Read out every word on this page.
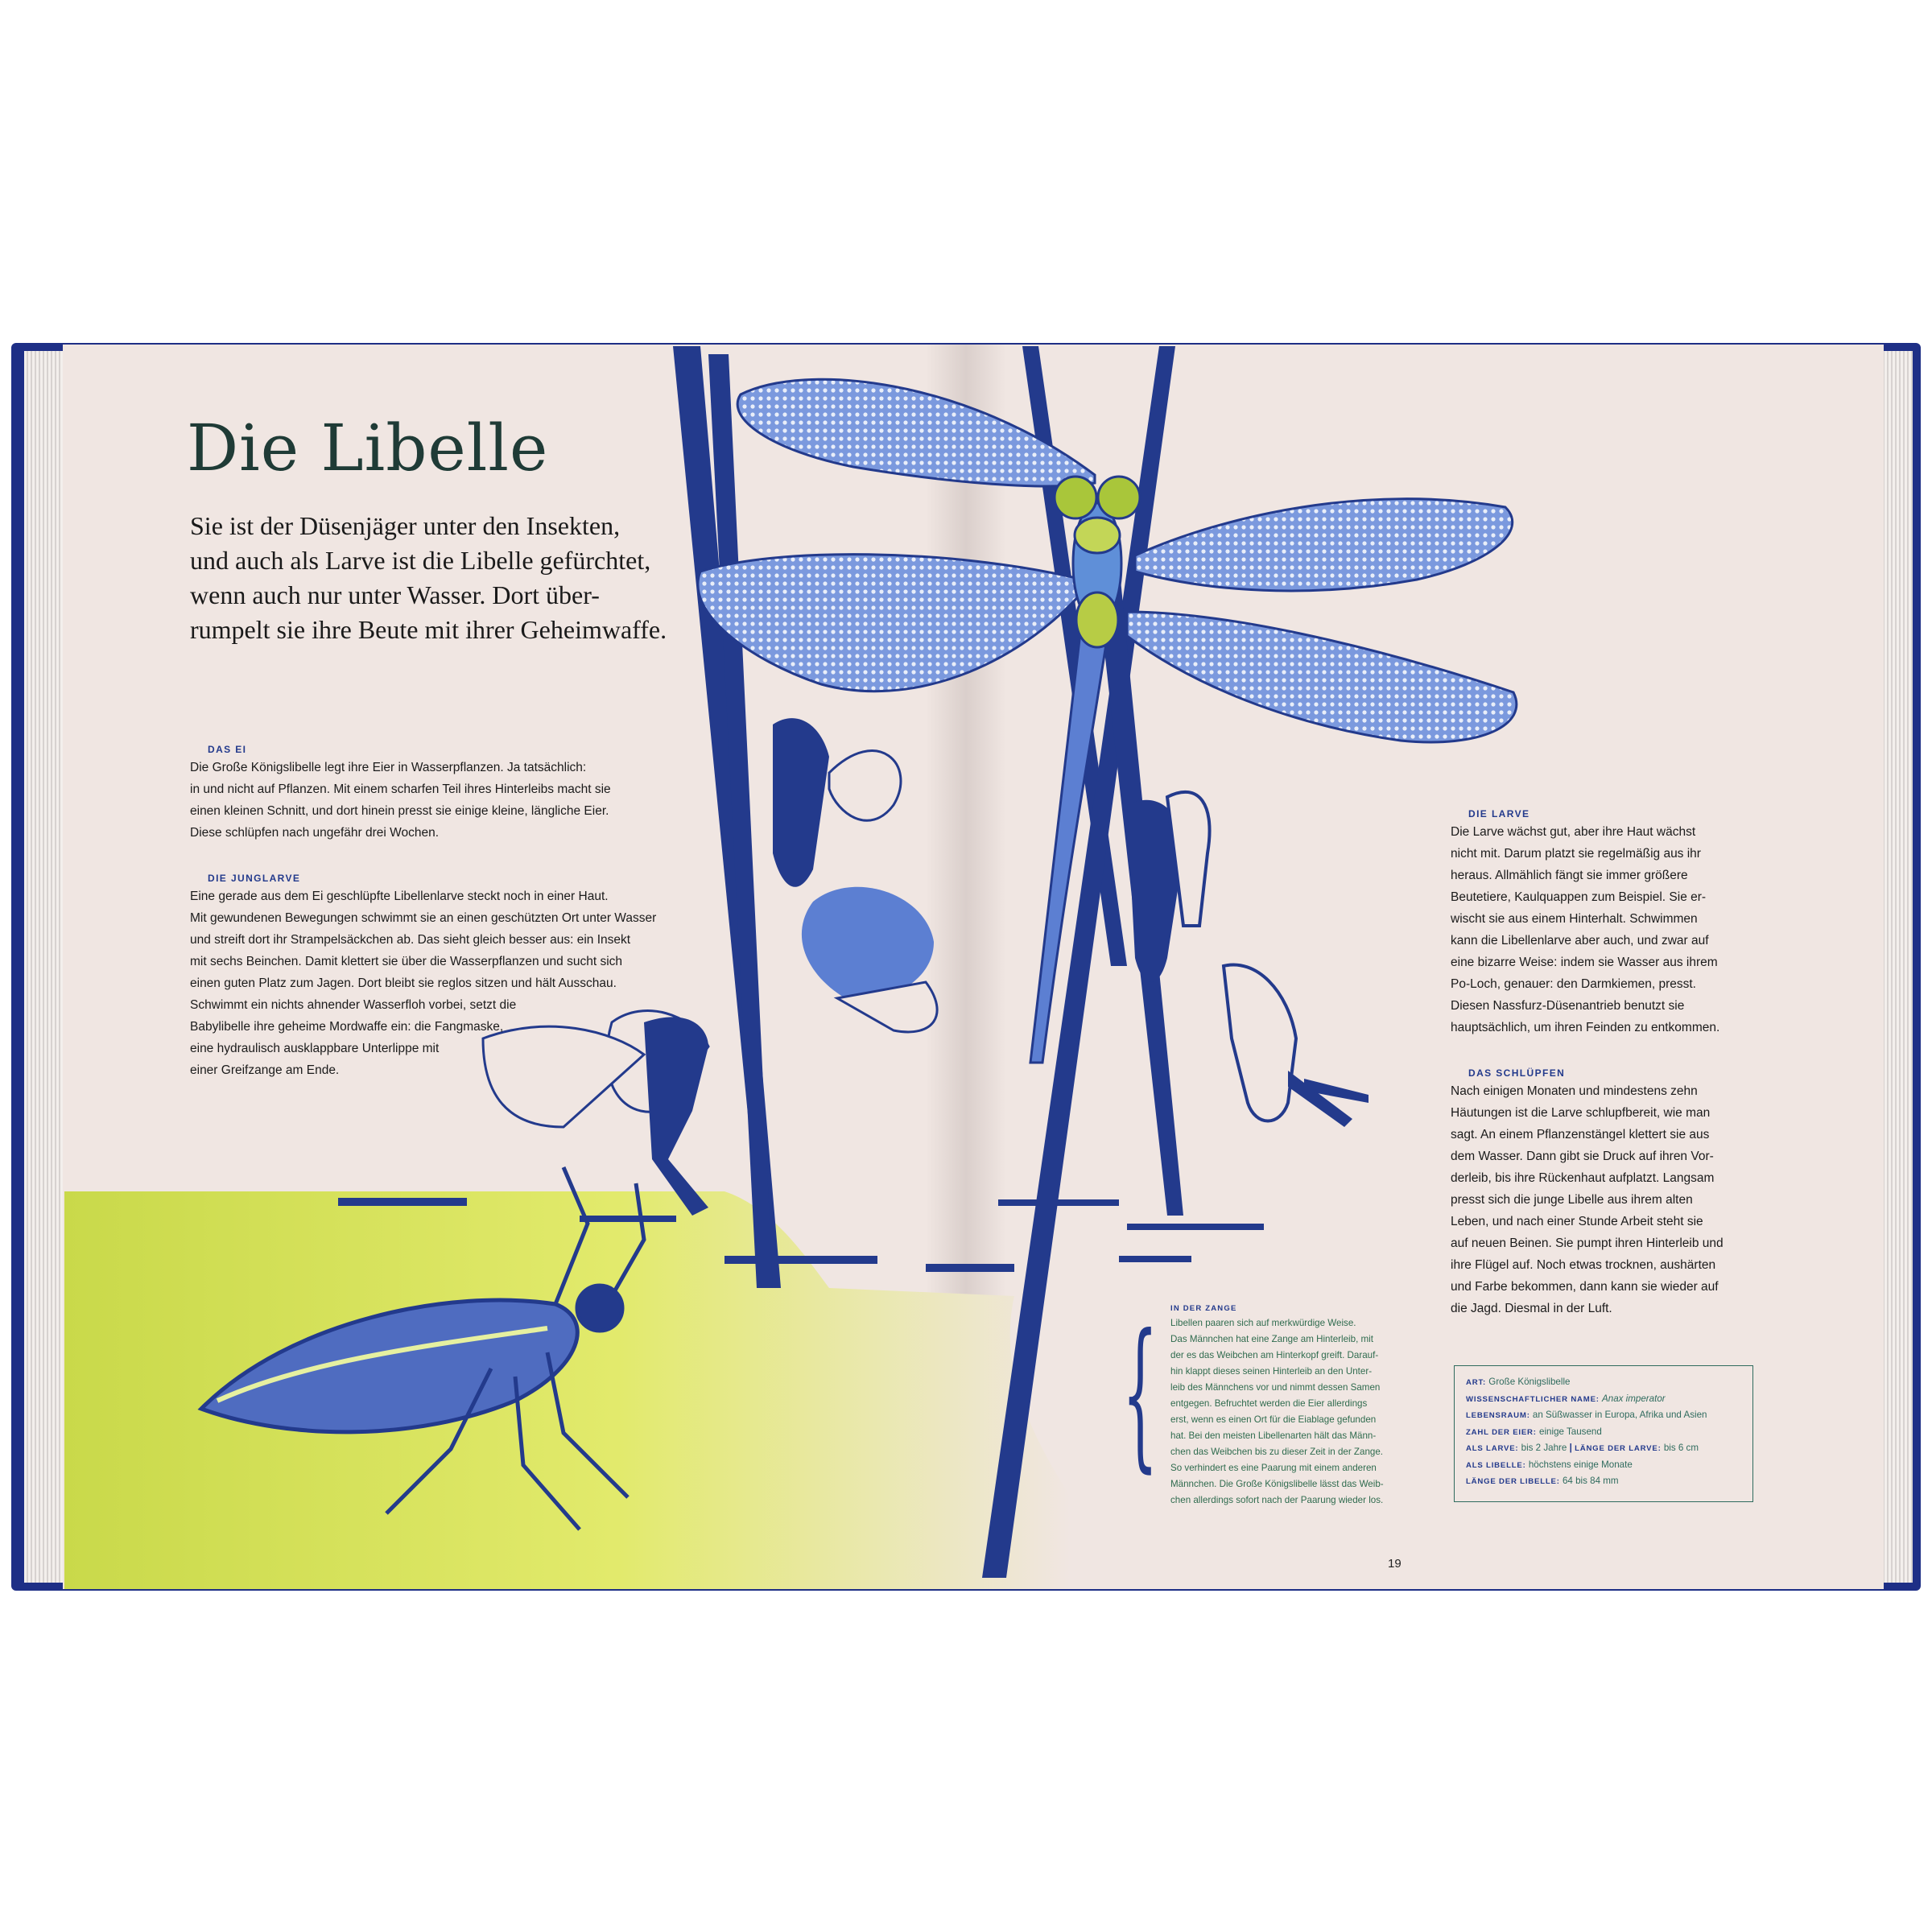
Die Libelle

Sie ist der Düsenjäger unter den Insekten,
und auch als Larve ist die Libelle gefürchtet,
wenn auch nur unter Wasser. Dort über-
rumpelt sie ihre Beute mit ihrer Geheimwaffe.

DAS EI

Die Große Königslibelle legt ihre Eier in Wasserpflanzen. Ja tatsächlich:
in und nicht auf Pflanzen. Mit einem scharfen Teil ihres Hinterleibs macht sie
einen kleinen Schnitt, und dort hinein presst sie einige kleine, längliche Eier.
Diese schlüpfen nach ungefähr drei Wochen.

DIE JUNGLARVE

Eine gerade aus dem Ei geschlüpfte Libellenlarve steckt noch in einer Haut.
Mit gewundenen Bewegungen schwimmt sie an einen geschützten Ort unter Wasser
und streift dort ihr Strampelsäckchen ab. Das sieht gleich besser aus: ein Insekt
mit sechs Beinchen. Damit klettert sie über die Wasserpflanzen und sucht sich
einen guten Platz zum Jagen. Dort bleibt sie reglos sitzen und hält Ausschau.
Schwimmt ein nichts ahnender Wasserfloh vorbei, setzt die
Babylibelle ihre geheime Mordwaffe ein: die Fangmaske,
eine hydraulisch ausklappbare Unterlippe mit
einer Greifzange am Ende.

DIE LARVE

Die Larve wächst gut, aber ihre Haut wächst
nicht mit. Darum platzt sie regelmäßig aus ihr
heraus. Allmählich fängt sie immer größere
Beutetiere, Kaulquappen zum Beispiel. Sie er-
wischt sie aus einem Hinterhalt. Schwimmen
kann die Libellenlarve aber auch, und zwar auf
eine bizarre Weise: indem sie Wasser aus ihrem
Po-Loch, genauer: den Darmkiemen, presst.
Diesen Nassfurz-Düsenantrieb benutzt sie
hauptsächlich, um ihren Feinden zu entkommen.

DAS SCHLÜPFEN

Nach einigen Monaten und mindestens zehn
Häutungen ist die Larve schlupfbereit, wie man
sagt. An einem Pflanzenstängel klettert sie aus
dem Wasser. Dann gibt sie Druck auf ihren Vor-
derleib, bis ihre Rückenhaut aufplatzt. Langsam
presst sich die junge Libelle aus ihrem alten
Leben, und nach einer Stunde Arbeit steht sie
auf neuen Beinen. Sie pumpt ihren Hinterleib und
ihre Flügel auf. Noch etwas trocknen, aushärten
und Farbe bekommen, dann kann sie wieder auf
die Jagd. Diesmal in der Luft.

{ IN DER ZANGE

Libellen paaren sich auf merkwürdige Weise.
Das Männchen hat eine Zange am Hinterleib, mit
der es das Weibchen am Hinterkopf greift. Darauf-
hin klappt dieses seinen Hinterleib an den Unter-
leib des Männchens vor und nimmt dessen Samen
entgegen. Befruchtet werden die Eier allerdings
erst, wenn es einen Ort für die Eiablage gefunden
hat. Bei den meisten Libellenarten hält das Männ-
chen das Weibchen bis zu dieser Zeit in der Zange.
So verhindert es eine Paarung mit einem anderen
Männchen. Die Große Königslibelle lässt das Weib-
chen allerdings sofort nach der Paarung wieder los.

ART: Große Königslibelle
WISSENSCHAFTLICHER NAME: Anax imperator
LEBENSRAUM: an Süßwasser in Europa, Afrika und Asien
ZAHL DER EIER: einige Tausend
ALS LARVE: bis 2 Jahre | LÄNGE DER LARVE: bis 6 cm
ALS LIBELLE: höchstens einige Monate
LÄNGE DER LIBELLE: 64 bis 84 mm

19
